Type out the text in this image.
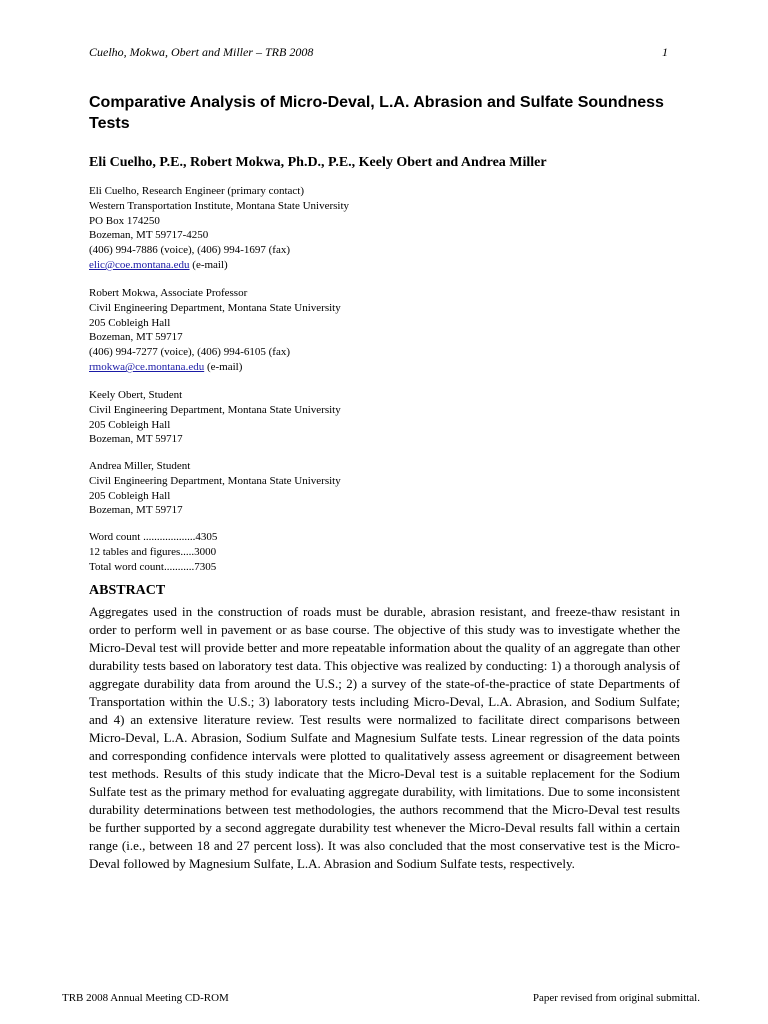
Cuelho, Mokwa, Obert and Miller – TRB 2008	1
Comparative Analysis of Micro-Deval, L.A. Abrasion and Sulfate Soundness Tests

Eli Cuelho, P.E., Robert Mokwa, Ph.D., P.E., Keely Obert and Andrea Miller

Eli Cuelho, Research Engineer (primary contact)
Western Transportation Institute, Montana State University
PO Box 174250
Bozeman, MT 59717-4250
(406) 994-7886 (voice), (406) 994-1697 (fax)
elic@coe.montana.edu (e-mail)
Robert Mokwa, Associate Professor
Civil Engineering Department, Montana State University
205 Cobleigh Hall
Bozeman, MT 59717
(406) 994-7277 (voice), (406) 994-6105 (fax)
rmokwa@ce.montana.edu (e-mail)
Keely Obert, Student
Civil Engineering Department, Montana State University
205 Cobleigh Hall
Bozeman, MT 59717
Andrea Miller, Student
Civil Engineering Department, Montana State University
205 Cobleigh Hall
Bozeman, MT 59717
Word count ...................4305
12 tables and figures.....3000
Total word count...........7305
ABSTRACT

Aggregates used in the construction of roads must be durable, abrasion resistant, and freeze-thaw resistant in order to perform well in pavement or as base course. The objective of this study was to investigate whether the Micro-Deval test will provide better and more repeatable information about the quality of an aggregate than other durability tests based on laboratory test data. This objective was realized by conducting: 1) a thorough analysis of aggregate durability data from around the U.S.; 2) a survey of the state-of-the-practice of state Departments of Transportation within the U.S.; 3) laboratory tests including Micro-Deval, L.A. Abrasion, and Sodium Sulfate; and 4) an extensive literature review. Test results were normalized to facilitate direct comparisons between Micro-Deval, L.A. Abrasion, Sodium Sulfate and Magnesium Sulfate tests. Linear regression of the data points and corresponding confidence intervals were plotted to qualitatively assess agreement or disagreement between test methods. Results of this study indicate that the Micro-Deval test is a suitable replacement for the Sodium Sulfate test as the primary method for evaluating aggregate durability, with limitations. Due to some inconsistent durability determinations between test methodologies, the authors recommend that the Micro-Deval test results be further supported by a second aggregate durability test whenever the Micro-Deval results fall within a certain range (i.e., between 18 and 27 percent loss). It was also concluded that the most conservative test is the Micro-Deval followed by Magnesium Sulfate, L.A. Abrasion and Sodium Sulfate tests, respectively.

TRB 2008 Annual Meeting CD-ROM	Paper revised from original submittal.
